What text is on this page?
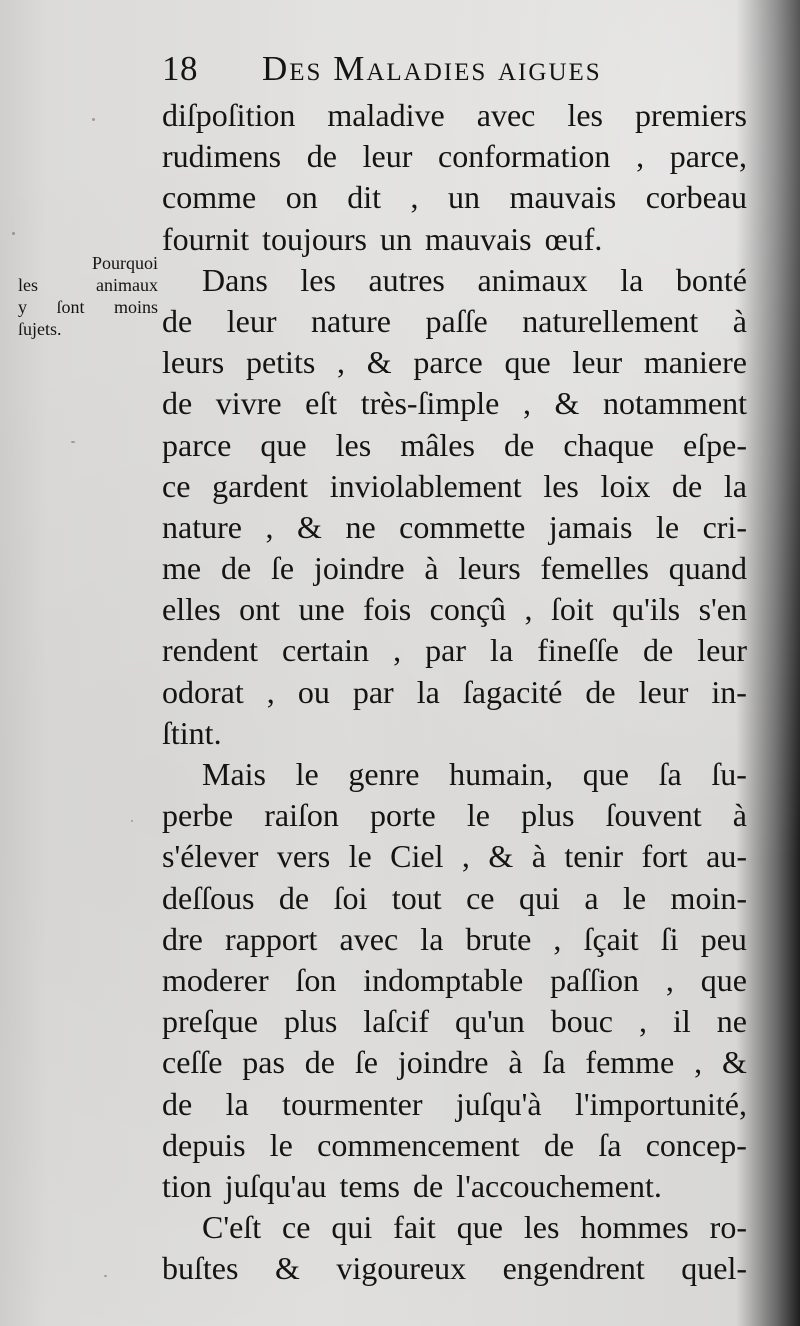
18 Des Maladies aigues
Pourquoi
les	animaux
y ſont moins
ſujets.
diſpoſition maladive avec les premiers
rudimens de leur conformation , parce,
comme on dit , un mauvais corbeau
fournit toujours un mauvais œuf.
Dans les autres animaux la bonté
de leur nature paſſe naturellement à
leurs petits , & parce que leur maniere
de vivre eſt très-ſimple , & notamment
parce que les mâles de chaque eſpe-
ce gardent inviolablement les loix de la
nature , & ne commette jamais le cri-
me de ſe joindre à leurs femelles quand
elles ont une fois conçû , ſoit qu'ils s'en
rendent certain , par la fineſſe de leur
odorat , ou par la ſagacité de leur in-
ſtint.
Mais le genre humain, que ſa ſu-
perbe raiſon porte le plus ſouvent à
s'élever vers le Ciel , & à tenir fort au-
deſſous de ſoi tout ce qui a le moin-
dre rapport avec la brute , ſçait ſi peu
moderer ſon indomptable paſſion , que
preſque plus laſcif qu'un bouc , il ne
ceſſe pas de ſe joindre à ſa femme , &
de la tourmenter juſqu'à l'importunité,
depuis le commencement de ſa concep-
tion juſqu'au tems de l'accouchement.
C'eſt ce qui fait que les hommes ro-
buſtes & vigoureux engendrent quel-
